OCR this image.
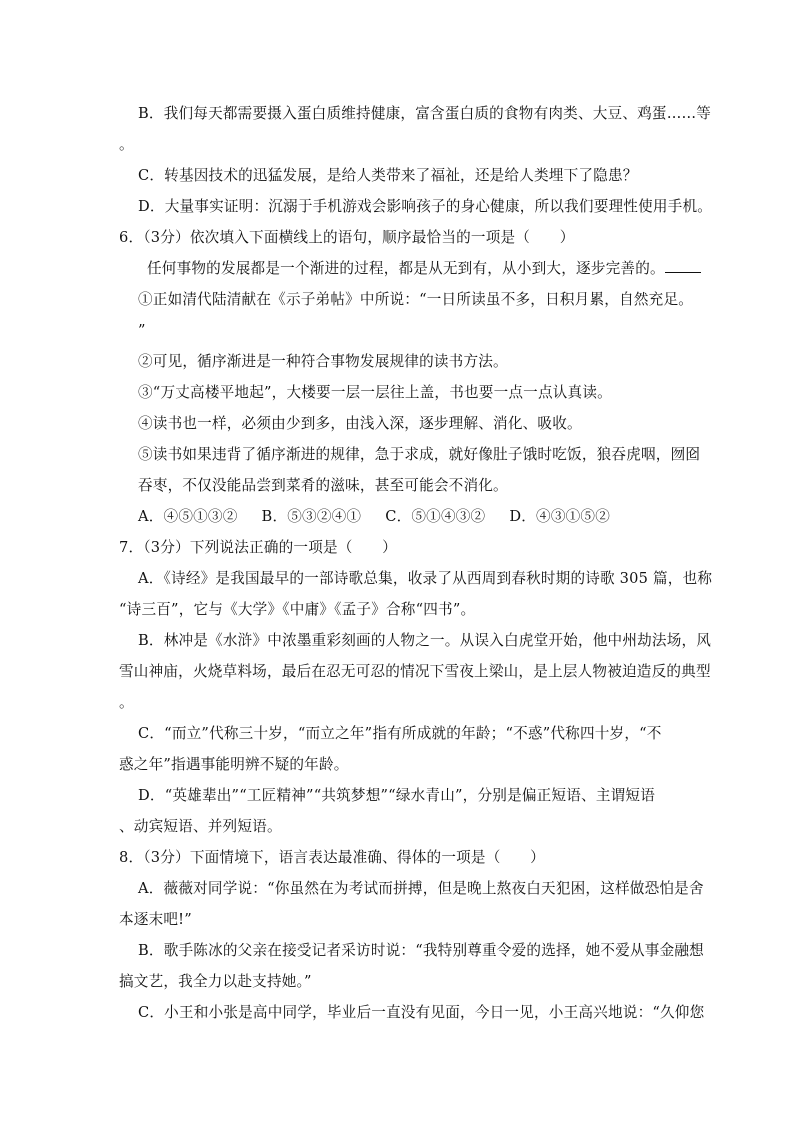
B．我们每天都需要摄入蛋白质维持健康，富含蛋白质的食物有肉类、大豆、鸡蛋……等
。
C．转基因技术的迅猛发展，是给人类带来了福祉，还是给人类埋下了隐患？
D．大量事实证明：沉溺于手机游戏会影响孩子的身心健康，所以我们要理性使用手机。
6．（3分）依次填入下面横线上的语句，顺序最恰当的一项是（　　）
任何事物的发展都是一个渐进的过程，都是从无到有，从小到大，逐步完善的。
①正如清代陆清献在《示子弟帖》中所说：“一日所读虽不多，日积月累，自然充足。
”
②可见，循序渐进是一种符合事物发展规律的读书方法。
③“万丈高楼平地起”，大楼要一层一层往上盖，书也要一点一点认真读。
④读书也一样，必须由少到多，由浅入深，逐步理解、消化、吸收。
⑤读书如果违背了循序渐进的规律，急于求成，就好像肚子饿时吃饭，狼吞虎咽，囫囵
吞枣，不仅没能品尝到菜肴的滋味，甚至可能会不消化。
A．④⑤①③② B．⑤③②④① C．⑤①④③② D．④③①⑤②
7．（3分）下列说法正确的一项是（　　）
A．《诗经》是我国最早的一部诗歌总集，收录了从西周到春秋时期的诗歌 305 篇，也称
“诗三百”，它与《大学》《中庸》《孟子》合称“四书”。
B．林冲是《水浒》中浓墨重彩刻画的人物之一。从误入白虎堂开始，他中州劫法场，风
雪山神庙，火烧草料场，最后在忍无可忍的情况下雪夜上梁山，是上层人物被迫造反的典型
。
C．“而立”代称三十岁，“而立之年”指有所成就的年龄；“不惑”代称四十岁，“不
惑之年”指遇事能明辨不疑的年龄。
D．“英雄辈出”“工匠精神”“共筑梦想”“绿水青山”，分别是偏正短语、主谓短语
、动宾短语、并列短语。
8．（3分）下面情境下，语言表达最准确、得体的一项是（　　）
A．薇薇对同学说：“你虽然在为考试而拼搏，但是晚上熬夜白天犯困，这样做恐怕是舍
本逐末吧!”
B．歌手陈冰的父亲在接受记者采访时说：“我特别尊重令爱的选择，她不爱从事金融想
搞文艺，我全力以赴支持她。”
C．小王和小张是高中同学，毕业后一直没有见面，今日一见，小王高兴地说：“久仰您
